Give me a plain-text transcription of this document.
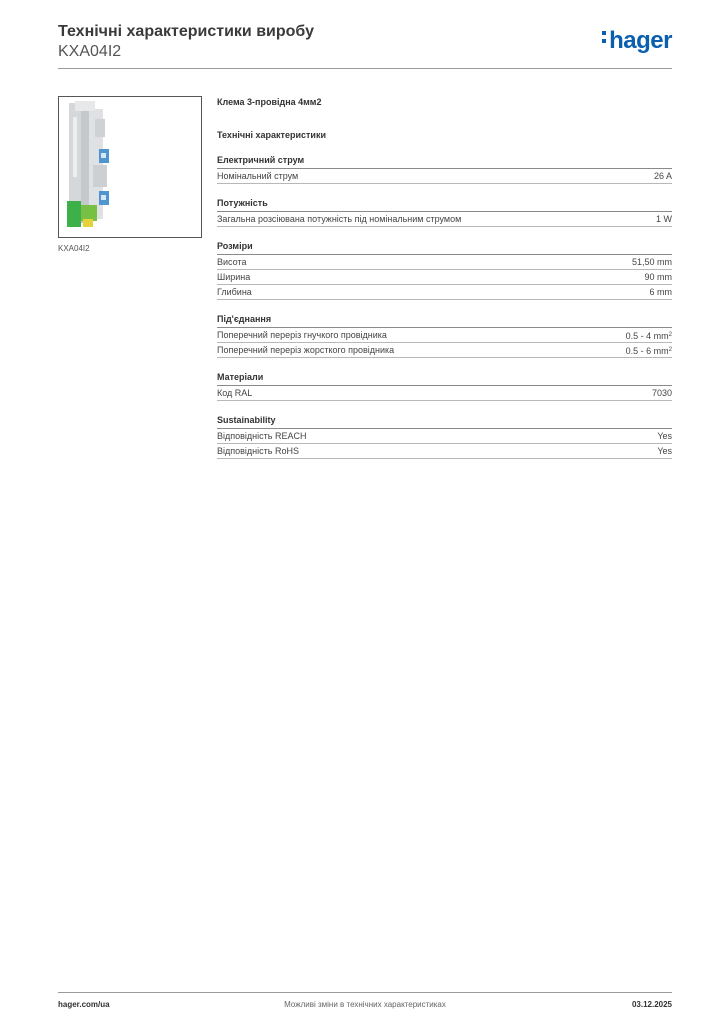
Технічні характеристики виробу
KXA04I2	hager
KXA04I2
Клема 3-провідна 4мм2
Технічні характеристики
Електричний струм
Номінальний струм	26 A
Потужність
Загальна розсіювана потужність під номінальним струмом	1 W
Розміри
Висота	51,50 mm
Ширина	90 mm
Глибина	6 mm
Під'єднання
Поперечний переріз гнучкого провідника	0.5 - 4 $mm^2$
Поперечний переріз жорсткого провідника	0.5 - 6 $mm^2$
Матеріали
Код RAL	7030
Sustainability
Відповідність REACH	Yes
Відповідність RoHS	Yes
hager.com/ua	Можливі зміни в технічних характеристиках	03.12.2025
